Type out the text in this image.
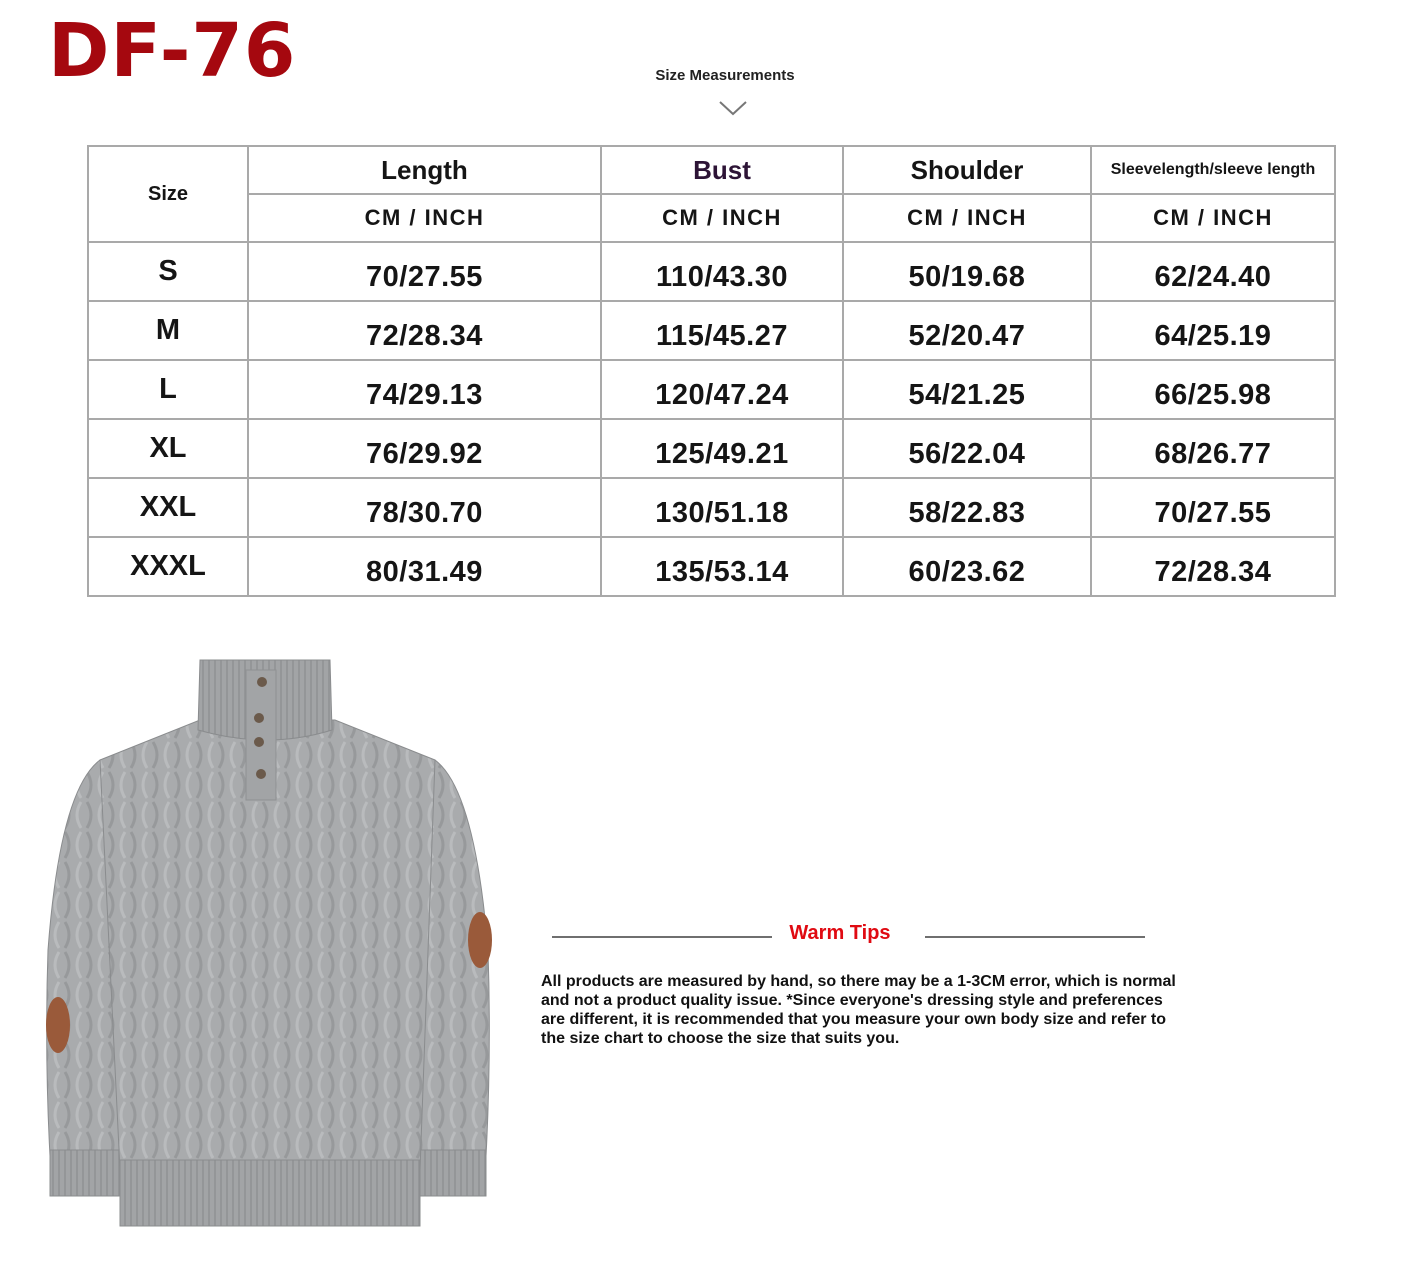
DF-76	Size Measurements
Size	Length	Bust	Shoulder	Sleevelength/sleeve length
	CM / INCH	CM / INCH	CM / INCH	CM / INCH
S	70/27.55	110/43.30	50/19.68	62/24.40
M	72/28.34	115/45.27	52/20.47	64/25.19
L	74/29.13	120/47.24	54/21.25	66/25.98
XL	76/29.92	125/49.21	56/22.04	68/26.77
XXL	78/30.70	130/51.18	58/22.83	70/27.55
XXXL	80/31.49	135/53.14	60/23.62	72/28.34
Warm Tips
All products are measured by hand, so there may be a 1-3CM error, which is normal and not a product quality issue. *Since everyone's dressing style and preferences are different, it is recommended that you measure your own body size and refer to the size chart to choose the size that suits you.
